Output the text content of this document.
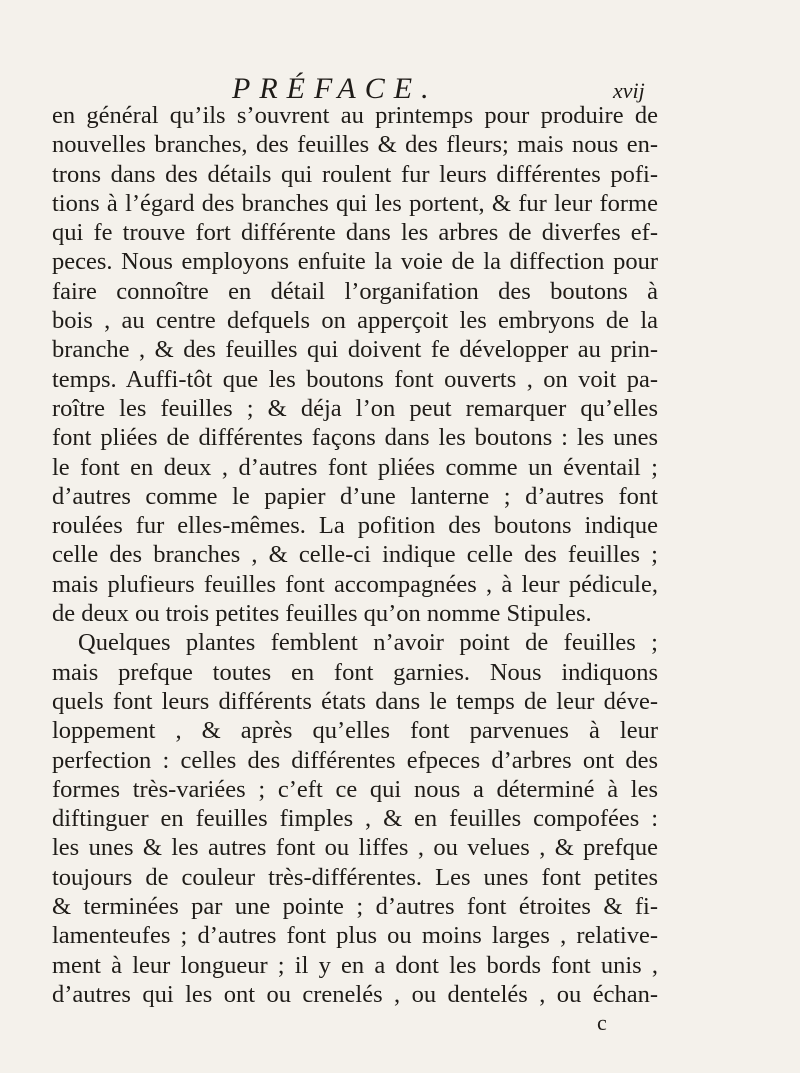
PRÉFACE.	xvij
en général qu’ils s’ouvrent au printemps pour produire de
nouvelles branches, des feuilles & des fleurs; mais nous en-
trons dans des détails qui roulent fur leurs différentes pofi-
tions à l’égard des branches qui les portent, & fur leur forme
qui fe trouve fort différente dans les arbres de diverfes ef-
peces. Nous employons enfuite la voie de la diffection pour
faire connoître en détail l’organifation des boutons à
bois , au centre defquels on apperçoit les embryons de la
branche , & des feuilles qui doivent fe développer au prin-
temps. Auffi-tôt que les boutons font ouverts , on voit pa-
roître les feuilles ; & déja l’on peut remarquer qu’elles
font pliées de différentes façons dans les boutons : les unes
le font en deux , d’autres font pliées comme un éventail ;
d’autres comme le papier d’une lanterne ; d’autres font
roulées fur elles-mêmes. La pofition des boutons indique
celle des branches , & celle-ci indique celle des feuilles ;
mais plufieurs feuilles font accompagnées , à leur pédicule,
de deux ou trois petites feuilles qu’on nomme Stipules.
Quelques plantes femblent n’avoir point de feuilles ;
mais prefque toutes en font garnies. Nous indiquons
quels font leurs différents états dans le temps de leur déve-
loppement , & après qu’elles font parvenues à leur
perfection : celles des différentes efpeces d’arbres ont des
formes très-variées ; c’eft ce qui nous a déterminé à les
diftinguer en feuilles fimples , & en feuilles compofées :
les unes & les autres font ou liffes , ou velues , & prefque
toujours de couleur très-différentes. Les unes font petites
& terminées par une pointe ; d’autres font étroites & fi-
lamenteufes ; d’autres font plus ou moins larges , relative-
ment à leur longueur ; il y en a dont les bords font unis ,
d’autres qui les ont ou crenelés , ou dentelés , ou échan-
c
